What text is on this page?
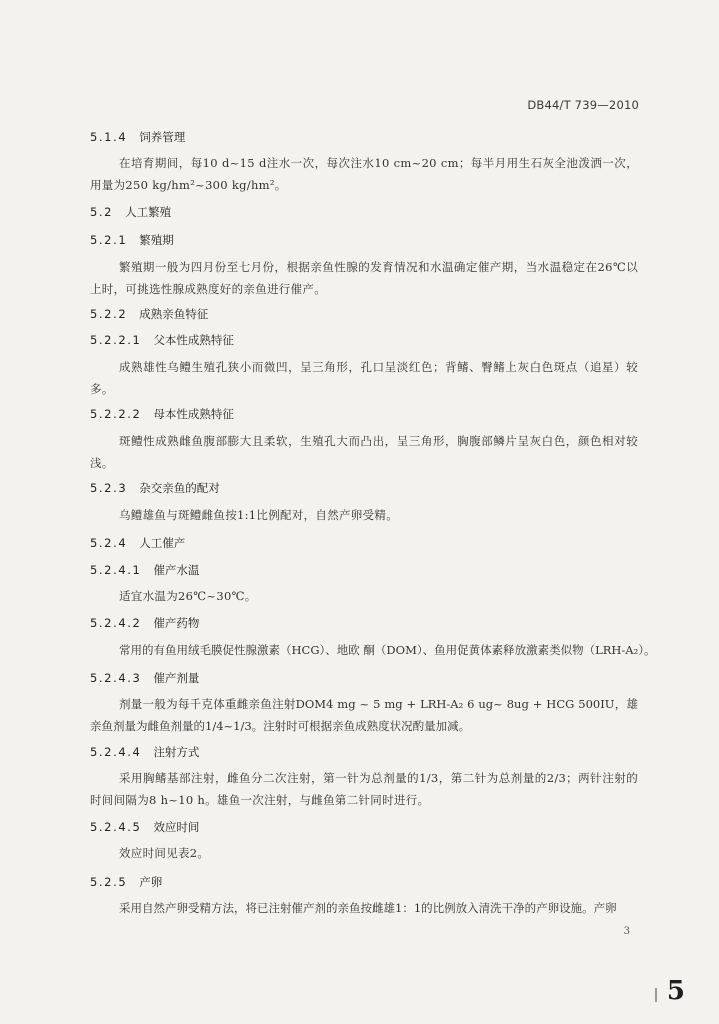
DB44/T 739—2010
5.1.4 饲养管理
在培育期间，每10 d~15 d注水一次，每次注水10 cm~20 cm；每半月用生石灰全池泼洒一次，用量为250 kg/hm²~300 kg/hm²。
5.2 人工繁殖
5.2.1 繁殖期
繁殖期一般为四月份至七月份，根据亲鱼性腺的发育情况和水温确定催产期，当水温稳定在26℃以上时，可挑选性腺成熟度好的亲鱼进行催产。
5.2.2 成熟亲鱼特征
5.2.2.1 父本性成熟特征
成熟雄性乌鳢生殖孔狭小而微凹，呈三角形，孔口呈淡红色；背鳍、臀鳍上灰白色斑点（追星）较多。
5.2.2.2 母本性成熟特征
斑鳢性成熟雌鱼腹部膨大且柔软，生殖孔大而凸出，呈三角形，胸腹部鳞片呈灰白色，颜色相对较浅。
5.2.3 杂交亲鱼的配对
乌鳢雄鱼与斑鳢雌鱼按1:1比例配对，自然产卵受精。
5.2.4 人工催产
5.2.4.1 催产水温
适宜水温为26℃~30℃。
5.2.4.2 催产药物
常用的有鱼用绒毛膜促性腺激素（HCG）、地欧 酮（DOM）、鱼用促黄体素释放激素类似物（LRH-A₂）。
5.2.4.3 催产剂量
剂量一般为每千克体重雌亲鱼注射DOM4 mg ~ 5 mg + LRH-A₂ 6 ug~ 8ug + HCG 500IU，雄亲鱼剂量为雌鱼剂量的1/4~1/3。注射时可根据亲鱼成熟度状况酌量加减。
5.2.4.4 注射方式
采用胸鳍基部注射，雌鱼分二次注射，第一针为总剂量的1/3，第二针为总剂量的2/3；两针注射的时间间隔为8 h~10 h。雄鱼一次注射，与雌鱼第二针同时进行。
5.2.4.5 效应时间
效应时间见表2。
5.2.5 产卵
采用自然产卵受精方法，将已注射催产剂的亲鱼按雌雄1：1的比例放入清洗干净的产卵设施。产卵
3
5
